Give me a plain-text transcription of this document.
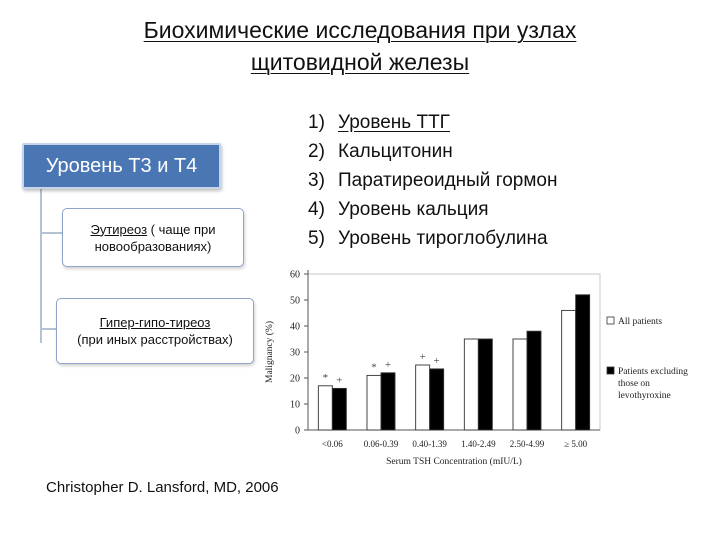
Биохимические исследования при узлах
щитовидной железы
Уровень Т3 и Т4
Эутиреоз ( чаще при
новообразованиях)
Гипер-гипо-тиреоз
(при иных расстройствах)
1) Уровень ТТГ
2) Кальцитонин
3) Паратиреоидный гормон
4) Уровень кальция
5) Уровень тироглобулина
0
10
20
30
40
50
60
Malignancy (%)
<0.06 0.06-0.39 0.40-1.39 1.40-2.49 2.50-4.99 ≥ 5.00
* +
* +
+ +
Serum TSH Concentration (mIU/L)
All patients
Patients excluding
those on
levothyroxine
Christopher D. Lansford, MD, 2006
